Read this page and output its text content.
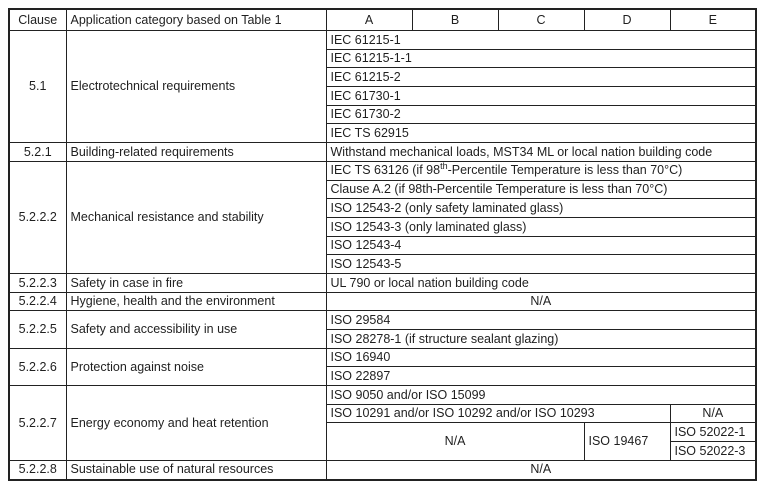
Clause	Application category based on Table 1	A	B	C	D	E
5.1	Electrotechnical requirements	IEC 61215-1				
		IEC 61215-1-1				
		IEC 61215-2				
		IEC 61730-1				
		IEC 61730-2				
		IEC TS 62915				
5.2.1	Building-related requirements	Withstand mechanical loads, MST34 ML or local nation building code				
5.2.2.2	Mechanical resistance and stability	IEC TS 63126 (if 98th-Percentile Temperature is less than 70°C)				
		Clause A.2 (if 98th-Percentile Temperature is less than 70°C)				
		ISO 12543-2 (only safety laminated glass)				
		ISO 12543-3 (only laminated glass)				
		ISO 12543-4				
		ISO 12543-5				
5.2.2.3	Safety in case in fire	UL 790 or local nation building code				
5.2.2.4	Hygiene, health and the environment	N/A				
5.2.2.5	Safety and accessibility in use	ISO 29584				
		ISO 28278-1 (if structure sealant glazing)				
5.2.2.6	Protection against noise	ISO 16940				
		ISO 22897				
5.2.2.7	Energy economy and heat retention	ISO 9050 and/or ISO 15099				
		ISO 10291 and/or ISO 10292 and/or ISO 10293				N/A
		N/A			ISO 19467	ISO 52022-1
						ISO 52022-3
5.2.2.8	Sustainable use of natural resources	N/A				
